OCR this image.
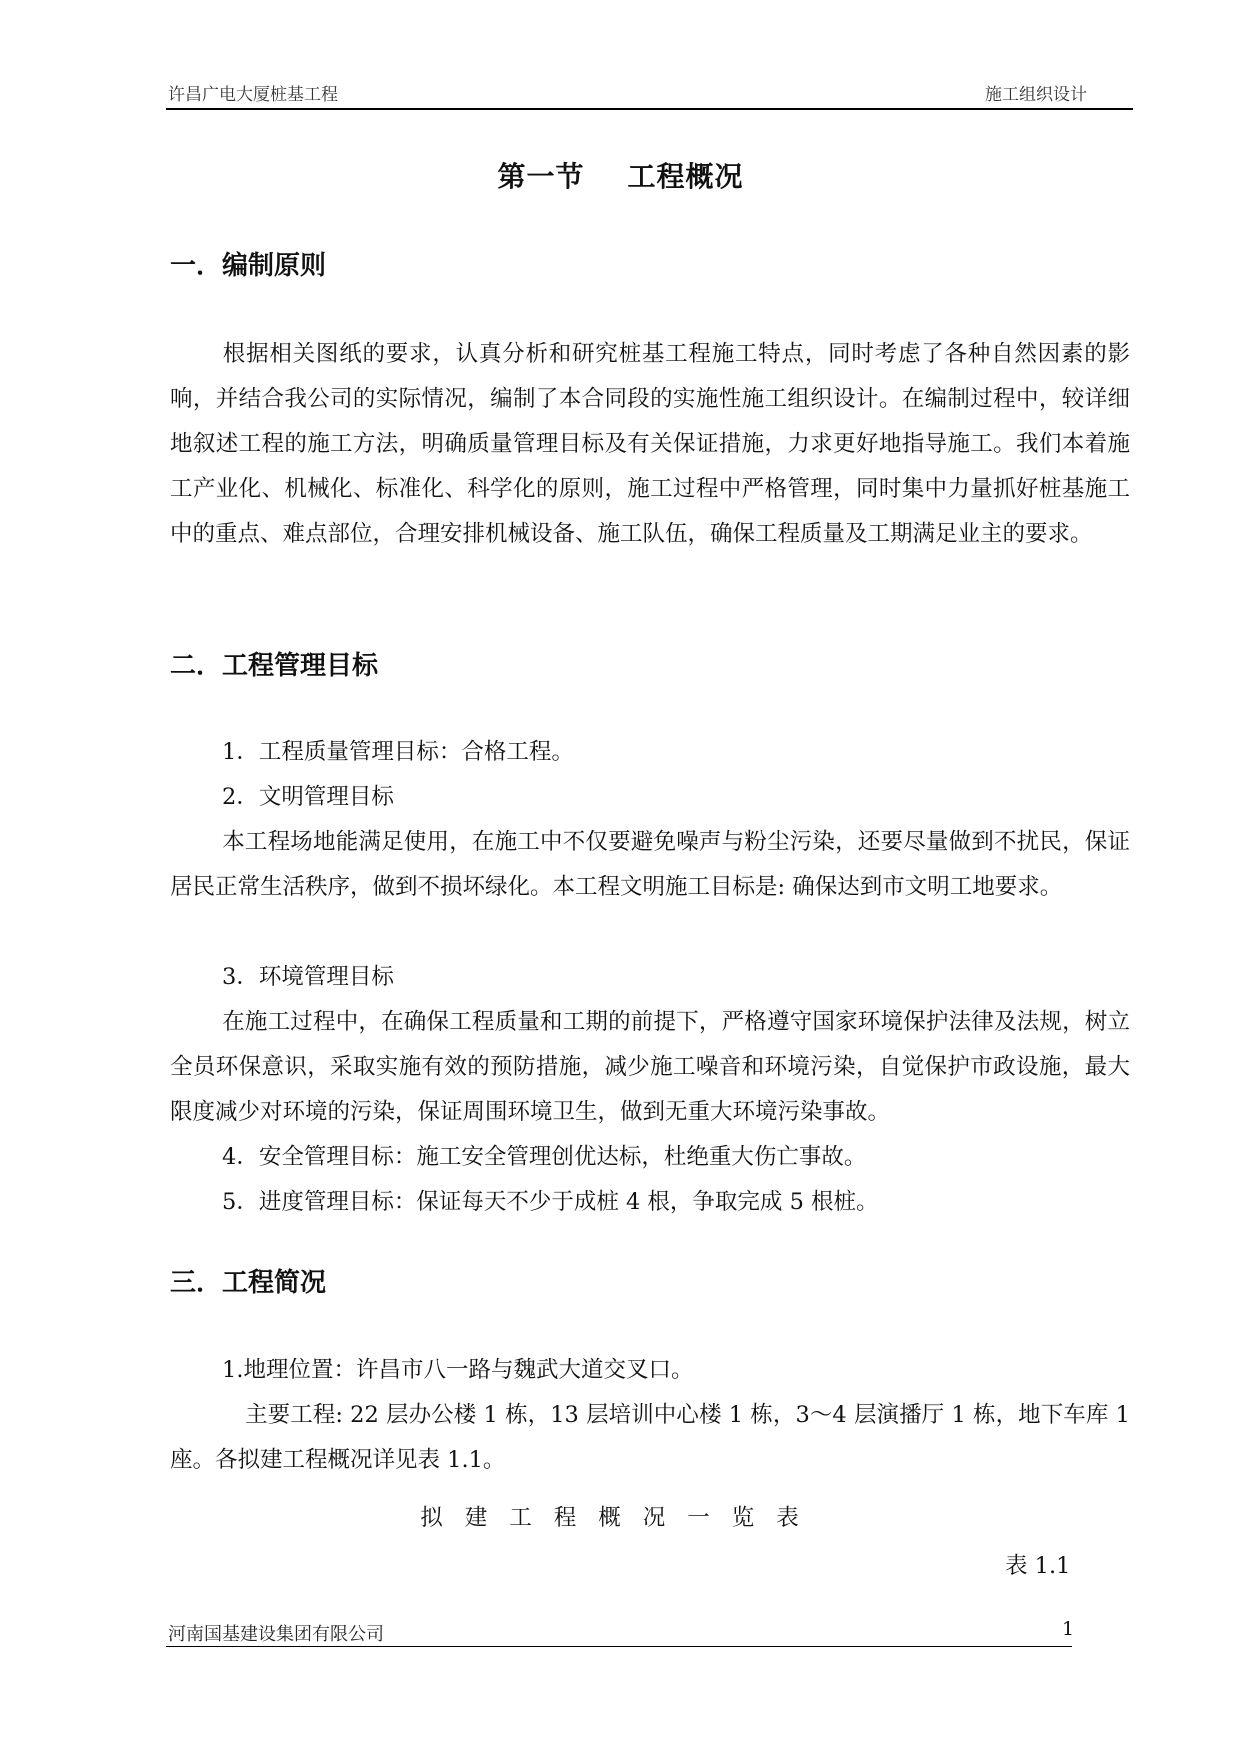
许昌广电大厦桩基工程	施工组织设计
第一节    工程概况
一．编制原则
根据相关图纸的要求，认真分析和研究桩基工程施工特点，同时考虑了各种自然因素的影响，并结合我公司的实际情况，编制了本合同段的实施性施工组织设计。在编制过程中，较详细地叙述工程的施工方法，明确质量管理目标及有关保证措施，力求更好地指导施工。我们本着施工产业化、机械化、标准化、科学化的原则，施工过程中严格管理，同时集中力量抓好桩基施工中的重点、难点部位，合理安排机械设备、施工队伍，确保工程质量及工期满足业主的要求。
二．工程管理目标
1．工程质量管理目标：合格工程。
2．文明管理目标
本工程场地能满足使用，在施工中不仅要避免噪声与粉尘污染，还要尽量做到不扰民，保证居民正常生活秩序，做到不损坏绿化。本工程文明施工目标是: 确保达到市文明工地要求。
3．环境管理目标
在施工过程中，在确保工程质量和工期的前提下，严格遵守国家环境保护法律及法规，树立全员环保意识，采取实施有效的预防措施，减少施工噪音和环境污染，自觉保护市政设施，最大限度减少对环境的污染，保证周围环境卫生，做到无重大环境污染事故。
4．安全管理目标：施工安全管理创优达标，杜绝重大伤亡事故。
5．进度管理目标：保证每天不少于成桩 4 根，争取完成 5 根桩。
三．工程简况
1.地理位置：许昌市八一路与魏武大道交叉口。
主要工程: 22 层办公楼 1 栋，13 层培训中心楼 1 栋，3～4 层演播厅 1 栋，地下车库 1 座。各拟建工程概况详见表 1.1。
拟建工程概况一览表
表 1.1
河南国基建设集团有限公司	1
